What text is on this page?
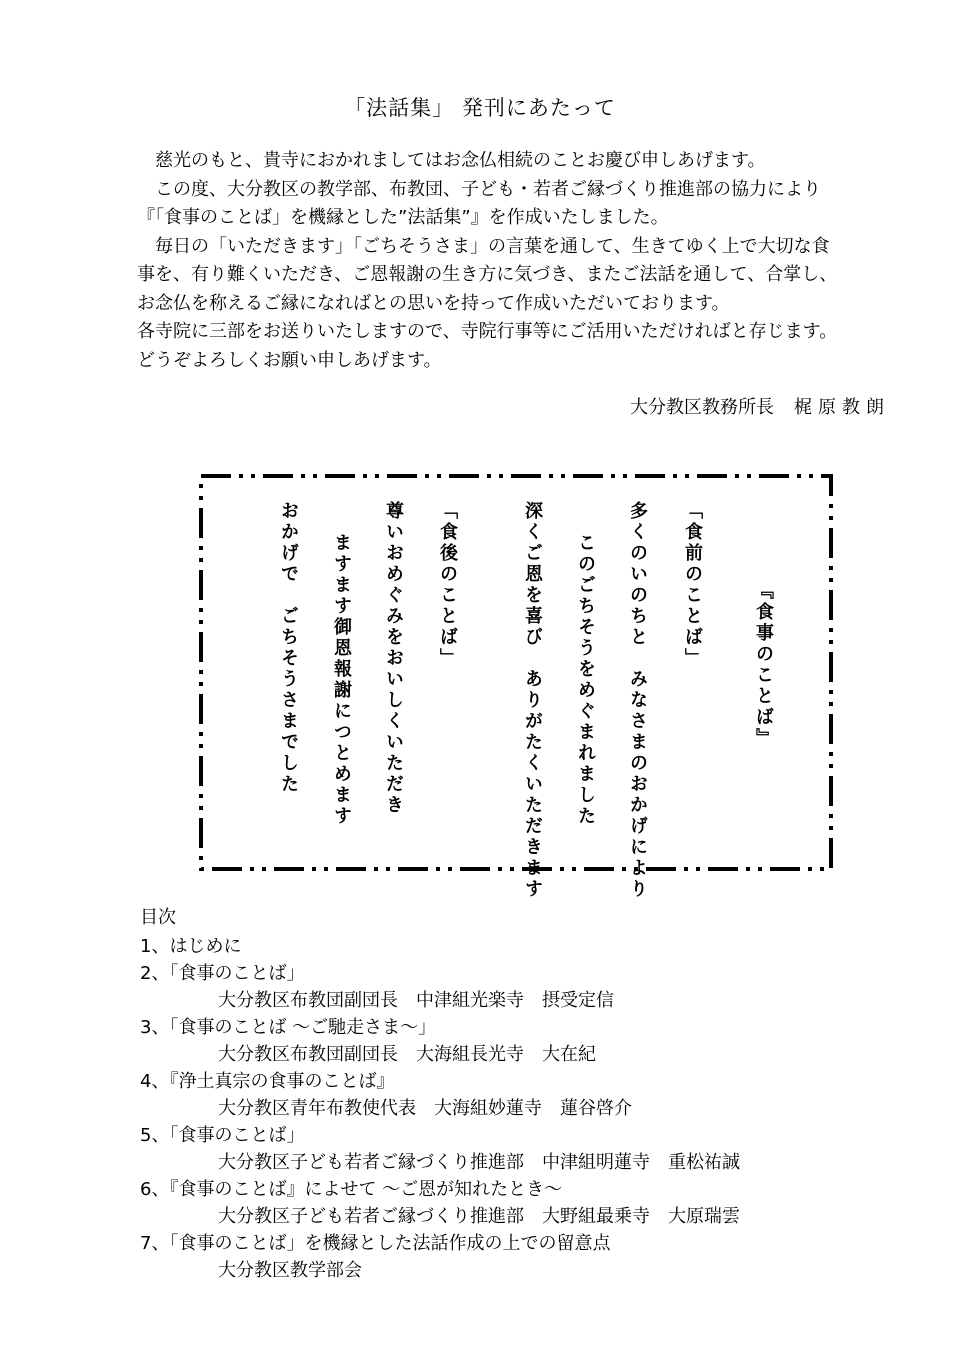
「法話集」 発刊にあたって

　慈光のもと、貴寺におかれましてはお念仏相続のことお慶び申しあげます。

　この度、大分教区の教学部、布教団、子ども・若者ご縁づくり推進部の協力により

『「食事のことば」を機縁とした”法話集”』を作成いたしました。

　毎日の「いただきます」「ごちそうさま」の言葉を通して、生きてゆく上で大切な食

事を、有り難くいただき、ご恩報謝の生き方に気づき、またご法話を通して、合掌し、

お念仏を称えるご縁になればとの思いを持って作成いただいております。

各寺院に三部をお送りいたしますので、寺院行事等にご活用いただければと存じます。

どうぞよろしくお願い申しあげます。

大分教区教務所長 梶原教朗
『食事のことば』
「食前のことば」
多くのいのちと　みなさまのおかげにより
このごちそうをめぐまれました
深くご恩を喜び　ありがたくいただきます
「食後のことば」
尊いおめぐみをおいしくいただき
ますます御恩報謝につとめます
おかげで　ごちそうさまでした
目次
1、はじめに
2、「食事のことば」
大分教区布教団副団長　中津組光楽寺　摂受定信
3、「食事のことば ～ご馳走さま～」
大分教区布教団副団長　大海組長光寺　大在紀
4、『浄土真宗の食事のことば』
大分教区青年布教使代表　大海組妙蓮寺　蓮谷啓介
5、「食事のことば」
大分教区子ども若者ご縁づくり推進部　中津組明蓮寺　重松祐誠
6、『食事のことば』によせて ～ご恩が知れたとき～
大分教区子ども若者ご縁づくり推進部　大野組最乗寺　大原瑞雲
7、「食事のことば」を機縁とした法話作成の上での留意点
大分教区教学部会
